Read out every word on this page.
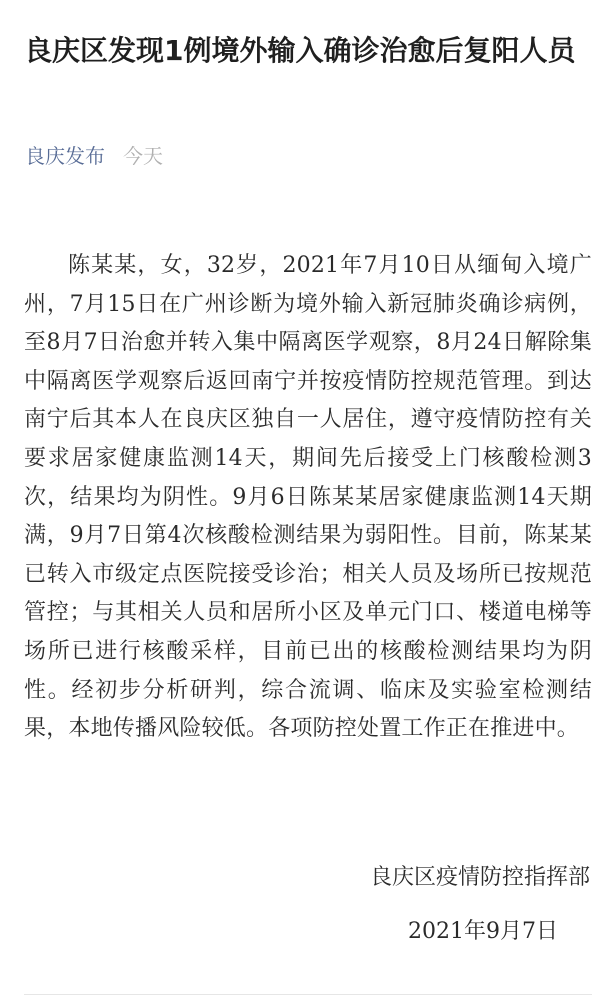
良庆区发现1例境外输入确诊治愈后复阳人员
良庆发布 今天

陈某某，女，32岁，2021年7月10日从缅甸入境广州，7月15日在广州诊断为境外输入新冠肺炎确诊病例，至8月7日治愈并转入集中隔离医学观察，8月24日解除集中隔离医学观察后返回南宁并按疫情防控规范管理。到达南宁后其本人在良庆区独自一人居住，遵守疫情防控有关要求居家健康监测14天，期间先后接受上门核酸检测3次，结果均为阴性。9月6日陈某某居家健康监测14天期满，9月7日第4次核酸检测结果为弱阳性。目前，陈某某已转入市级定点医院接受诊治；相关人员及场所已按规范管控；与其相关人员和居所小区及单元门口、楼道电梯等场所已进行核酸采样，目前已出的核酸检测结果均为阴性。经初步分析研判，综合流调、临床及实验室检测结果，本地传播风险较低。各项防控处置工作正在推进中。

良庆区疫情防控指挥部

2021年9月7日
